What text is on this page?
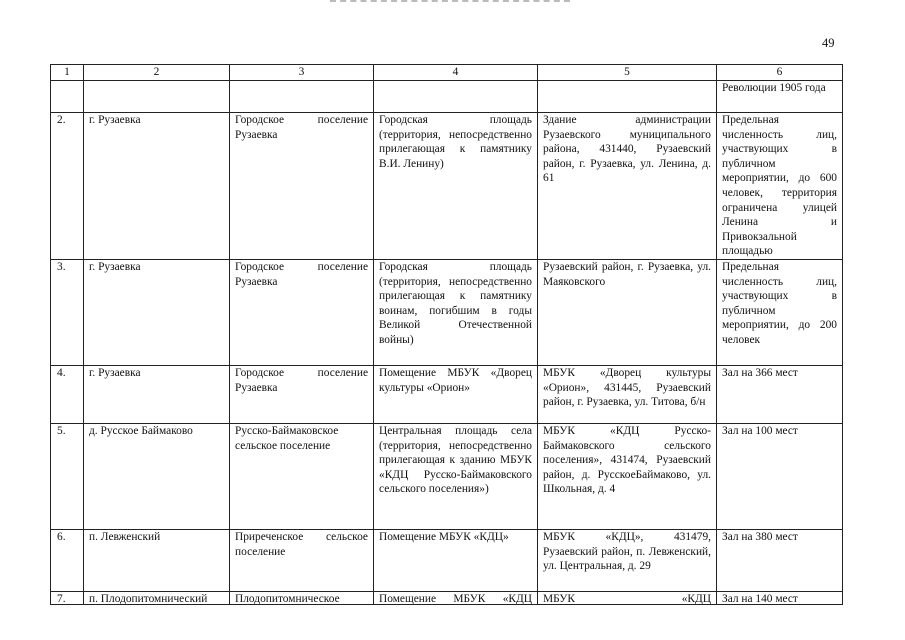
49
1	2	3	4	5	6
					Революции 1905 года
2.	г. Рузаевка	Городское поселение Рузаевка	Городская площадь (территория, непосредственно прилегающая к памятнику В.И. Ленину)	Здание администрации Рузаевского муниципального района, 431440, Рузаевский район, г. Рузаевка, ул. Ленина, д. 61	Предельная численность лиц, участвующих в публичном мероприятии, до 600 человек, территория ограничена улицей Ленина и Привокзальной площадью
3.	г. Рузаевка	Городское поселение Рузаевка	Городская площадь (территория, непосредственно прилегающая к памятнику воинам, погибшим в годы Великой Отечественной войны)	Рузаевский район, г. Рузаевка, ул. Маяковского	Предельная численность лиц, участвующих в публичном мероприятии, до 200 человек
4.	г. Рузаевка	Городское поселение Рузаевка	Помещение МБУК «Дворец культуры «Орион»	МБУК «Дворец культуры «Орион», 431445, Рузаевский район, г. Рузаевка, ул. Титова, б/н	Зал на 366 мест
5.	д. Русское Баймаково	Русско-Баймаковское сельское поселение	Центральная площадь села (территория, непосредственно прилегающая к зданию МБУК «КДЦ Русско-Баймаковского сельского поселения»)	МБУК «КДЦ Русско-Баймаковского сельского поселения», 431474, Рузаевский район, д. РусскоеБаймаково, ул. Школьная, д. 4	Зал на 100 мест
6.	п. Левженский	Приреченское сельское поселение	Помещение МБУК «КДЦ»	МБУК «КДЦ», 431479, Рузаевский район, п. Левженский, ул. Центральная, д. 29	Зал на 380 мест

7.	п. Плодопитомнический	Плодопитомническое	Помещение МБУК «КДЦ	МБУК «КДЦ	Зал на 140 мест
